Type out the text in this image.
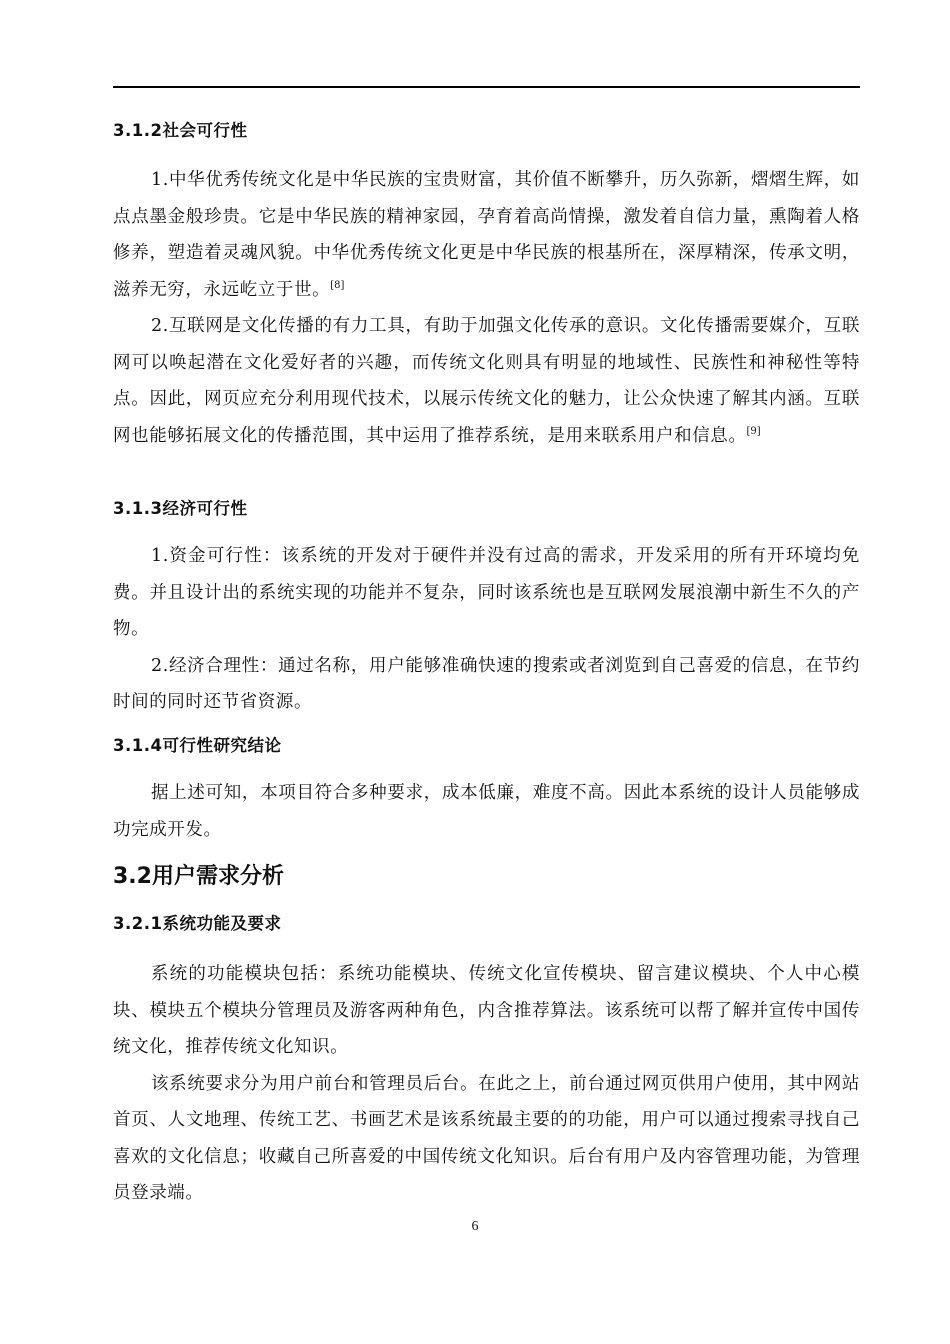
3.1.2社会可行性

1.中华优秀传统文化是中华民族的宝贵财富，其价值不断攀升，历久弥新，熠熠生辉，如点点墨金般珍贵。它是中华民族的精神家园，孕育着高尚情操，激发着自信力量，熏陶着人格修养，塑造着灵魂风貌。中华优秀传统文化更是中华民族的根基所在，深厚精深，传承文明，滋养无穷，永远屹立于世。[8]

2.互联网是文化传播的有力工具，有助于加强文化传承的意识。文化传播需要媒介，互联网可以唤起潜在文化爱好者的兴趣，而传统文化则具有明显的地域性、民族性和神秘性等特点。因此，网页应充分利用现代技术，以展示传统文化的魅力，让公众快速了解其内涵。互联网也能够拓展文化的传播范围，其中运用了推荐系统，是用来联系用户和信息。[9]

3.1.3经济可行性

1.资金可行性：该系统的开发对于硬件并没有过高的需求，开发采用的所有开环境均免费。并且设计出的系统实现的功能并不复杂，同时该系统也是互联网发展浪潮中新生不久的产物。

2.经济合理性：通过名称，用户能够准确快速的搜索或者浏览到自己喜爱的信息，在节约时间的同时还节省资源。

3.1.4可行性研究结论

据上述可知，本项目符合多种要求，成本低廉，难度不高。因此本系统的设计人员能够成功完成开发。

3.2用户需求分析
3.2.1系统功能及要求

系统的功能模块包括：系统功能模块、传统文化宣传模块、留言建议模块、个人中心模块、模块五个模块分管理员及游客两种角色，内含推荐算法。该系统可以帮了解并宣传中国传统文化，推荐传统文化知识。

该系统要求分为用户前台和管理员后台。在此之上，前台通过网页供用户使用，其中网站首页、人文地理、传统工艺、书画艺术是该系统最主要的的功能，用户可以通过搜索寻找自己喜欢的文化信息；收藏自己所喜爱的中国传统文化知识。后台有用户及内容管理功能，为管理员登录端。

6
